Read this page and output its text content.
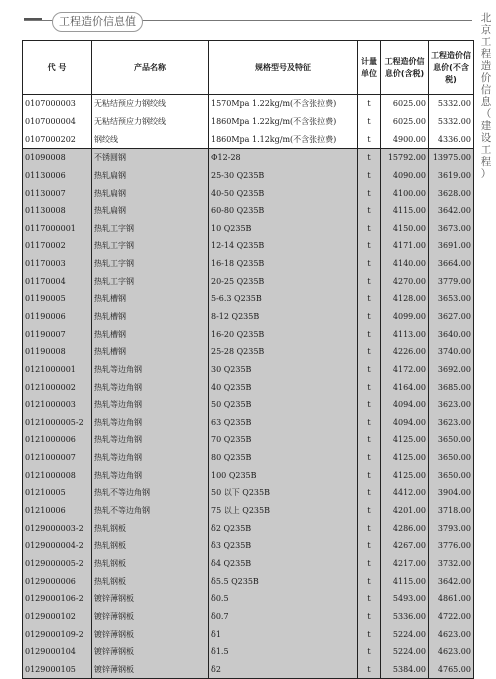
工程造价信息值	北
京
工
程
造
价
信
息
（
建
设
工
程
）
代 号	产品名称	规格型号及特征	计量单位	工程造价信息价(含税)	工程造价信息价(不含税)
0107000003	无粘结预应力钢绞线	1570Mpa 1.22kg/m(不含张拉费)	t	6025.00	5332.00
0107000004	无粘结预应力钢绞线	1860Mpa 1.22kg/m(不含张拉费)	t	6025.00	5332.00
0107000202	钢绞线	1860Mpa 1.12kg/m(不含张拉费)	t	4900.00	4336.00
01090008	不锈圆钢	Φ12-28	t	15792.00	13975.00
01130006	热轧扁钢	25-30 Q235B	t	4090.00	3619.00
01130007	热轧扁钢	40-50 Q235B	t	4100.00	3628.00
01130008	热轧扁钢	60-80 Q235B	t	4115.00	3642.00
0117000001	热轧工字钢	10 Q235B	t	4150.00	3673.00
01170002	热轧工字钢	12-14 Q235B	t	4171.00	3691.00
01170003	热轧工字钢	16-18 Q235B	t	4140.00	3664.00
01170004	热轧工字钢	20-25 Q235B	t	4270.00	3779.00
01190005	热轧槽钢	5-6.3 Q235B	t	4128.00	3653.00
01190006	热轧槽钢	8-12 Q235B	t	4099.00	3627.00
01190007	热轧槽钢	16-20 Q235B	t	4113.00	3640.00
01190008	热轧槽钢	25-28 Q235B	t	4226.00	3740.00
0121000001	热轧等边角钢	30 Q235B	t	4172.00	3692.00
0121000002	热轧等边角钢	40 Q235B	t	4164.00	3685.00
0121000003	热轧等边角钢	50 Q235B	t	4094.00	3623.00
0121000005-2	热轧等边角钢	63 Q235B	t	4094.00	3623.00
0121000006	热轧等边角钢	70 Q235B	t	4125.00	3650.00
0121000007	热轧等边角钢	80 Q235B	t	4125.00	3650.00
0121000008	热轧等边角钢	100 Q235B	t	4125.00	3650.00
01210005	热轧不等边角钢	50 以下 Q235B	t	4412.00	3904.00
01210006	热轧不等边角钢	75 以上 Q235B	t	4201.00	3718.00
0129000003-2	热轧钢板	δ2 Q235B	t	4286.00	3793.00
0129000004-2	热轧钢板	δ3 Q235B	t	4267.00	3776.00
0129000005-2	热轧钢板	δ4 Q235B	t	4217.00	3732.00
0129000006	热轧钢板	δ5.5 Q235B	t	4115.00	3642.00
0129000106-2	镀锌薄钢板	δ0.5	t	5493.00	4861.00
0129000102	镀锌薄钢板	δ0.7	t	5336.00	4722.00
0129000109-2	镀锌薄钢板	δ1	t	5224.00	4623.00
0129000104	镀锌薄钢板	δ1.5	t	5224.00	4623.00
0129000105	镀锌薄钢板	δ2	t	5384.00	4765.00
